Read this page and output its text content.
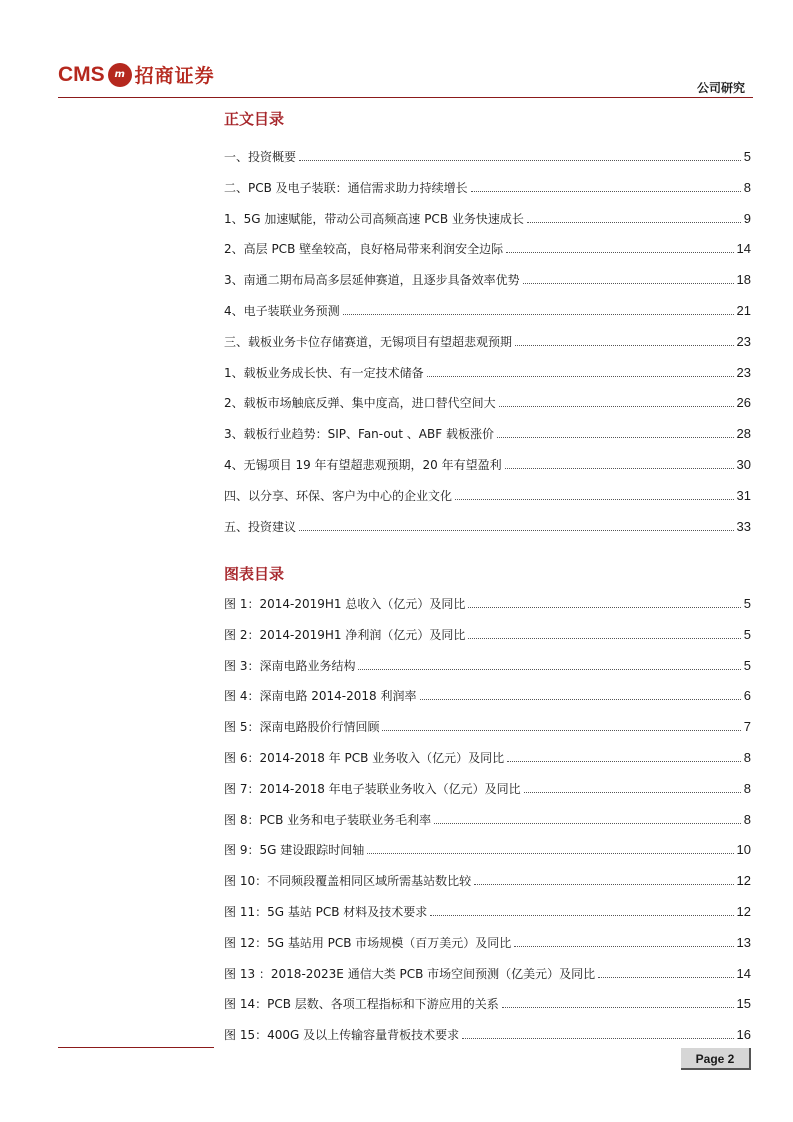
CMS m 招商证券
公司研究
正文目录
一、投资概要	5
二、PCB 及电子装联：通信需求助力持续增长	8
1、5G 加速赋能，带动公司高频高速 PCB 业务快速成长	9
2、高层 PCB 壁垒较高，良好格局带来利润安全边际	14
3、南通二期布局高多层延伸赛道，且逐步具备效率优势	18
4、电子装联业务预测	21
三、载板业务卡位存储赛道，无锡项目有望超悲观预期	23
1、载板业务成长快、有一定技术储备	23
2、载板市场触底反弹、集中度高，进口替代空间大	26
3、载板行业趋势：SIP、Fan-out 、ABF 载板涨价	28
4、无锡项目 19 年有望超悲观预期，20 年有望盈利	30
四、以分享、环保、客户为中心的企业文化	31
五、投资建议	33
图表目录
图 1：2014-2019H1 总收入（亿元）及同比	5
图 2：2014-2019H1 净利润（亿元）及同比	5
图 3：深南电路业务结构	5
图 4：深南电路 2014-2018 利润率	6
图 5：深南电路股价行情回顾	7
图 6：2014-2018 年 PCB 业务收入（亿元）及同比	8
图 7：2014-2018 年电子装联业务收入（亿元）及同比	8
图 8：PCB 业务和电子装联业务毛利率	8
图 9：5G 建设跟踪时间轴	10
图 10：不同频段覆盖相同区域所需基站数比较	12
图 11：5G 基站 PCB 材料及技术要求	12
图 12：5G 基站用 PCB 市场规模（百万美元）及同比	13
图 13 ：2018-2023E 通信大类 PCB 市场空间预测（亿美元）及同比	14
图 14：PCB 层数、各项工程指标和下游应用的关系	15
图 15：400G 及以上传输容量背板技术要求	16
Page 2
